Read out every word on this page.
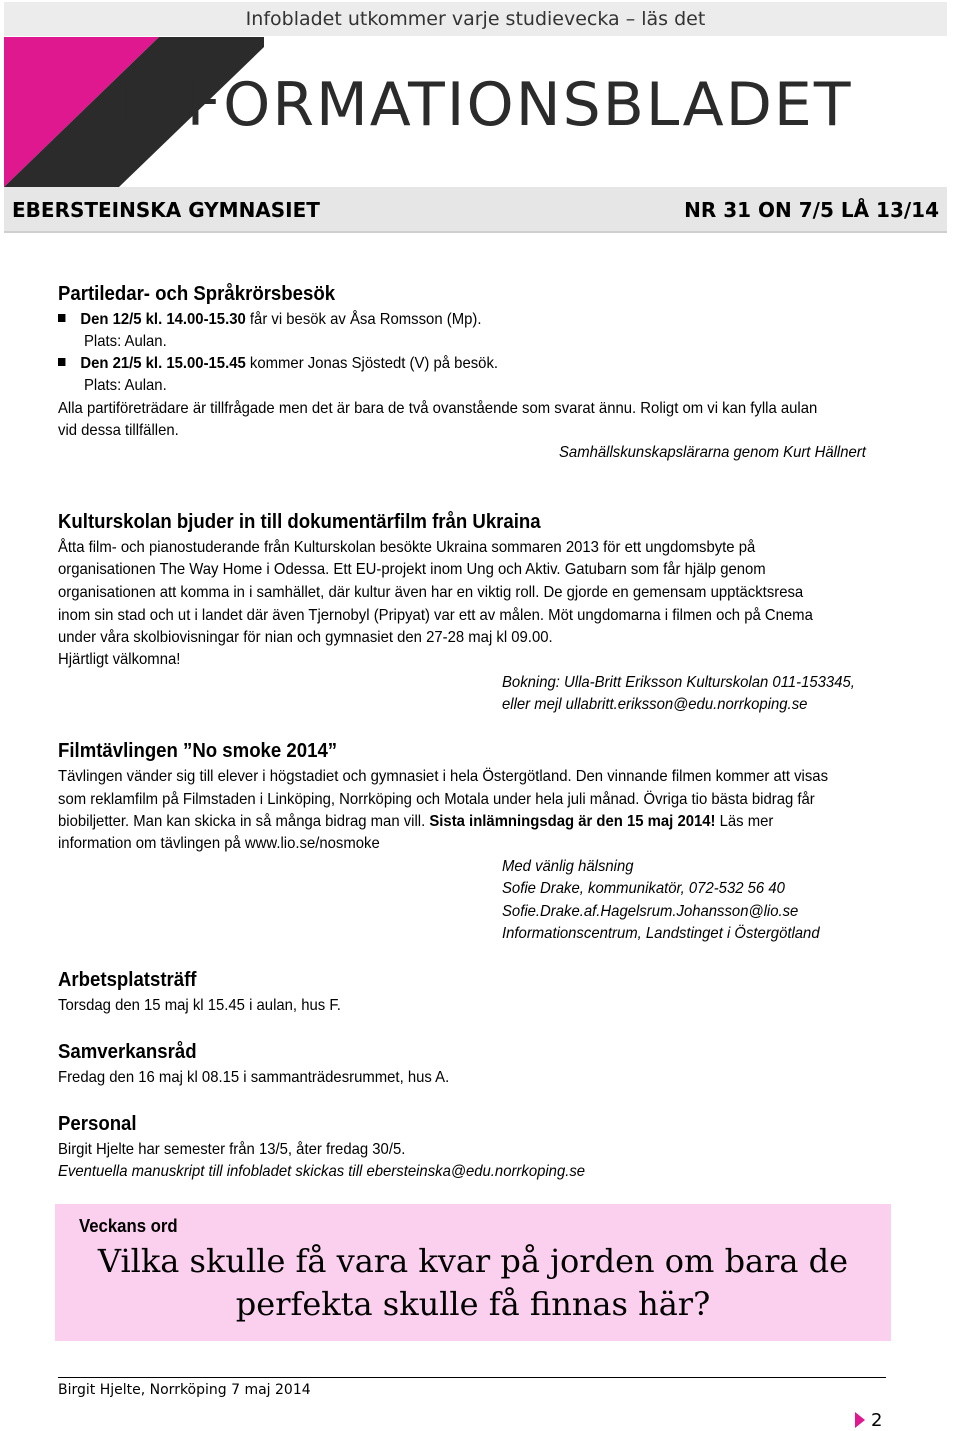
Infobladet utkommer varje studievecka – läs det
INFORMATIONSBLADET
EBERSTEINSKA GYMNASIET	NR 31 ON 7/5 LÅ 13/14
Partiledar- och Språkrörsbesök
Den 12/5 kl. 14.00-15.30 får vi besök av Åsa Romsson (Mp).
Plats: Aulan.
Den 21/5 kl. 15.00-15.45 kommer Jonas Sjöstedt (V) på besök.
Plats: Aulan.
Alla partiföreträdare är tillfrågade men det är bara de två ovanstående som svarat ännu. Roligt om vi kan fylla aulan
vid dessa tillfällen.
Samhällskunskapslärarna genom Kurt Hällnert
Kulturskolan bjuder in till dokumentärfilm från Ukraina
Åtta film- och pianostuderande från Kulturskolan besökte Ukraina sommaren 2013 för ett ungdomsbyte på
organisationen The Way Home i Odessa. Ett EU-projekt inom Ung och Aktiv. Gatubarn som får hjälp genom
organisationen att komma in i samhället, där kultur även har en viktig roll. De gjorde en gemensam upptäcktsresa
inom sin stad och ut i landet där även Tjernobyl (Pripyat) var ett av målen. Möt ungdomarna i filmen och på Cnema
under våra skolbiovisningar för nian och gymnasiet den 27-28 maj kl 09.00.
Hjärtligt välkomna!
Bokning: Ulla-Britt Eriksson Kulturskolan 011-153345,
eller mejl ullabritt.eriksson@edu.norrkoping.se
Filmtävlingen ”No smoke 2014”
Tävlingen vänder sig till elever i högstadiet och gymnasiet i hela Östergötland. Den vinnande filmen kommer att visas
som reklamfilm på Filmstaden i Linköping, Norrköping och Motala under hela juli månad. Övriga tio bästa bidrag får
biobiljetter. Man kan skicka in så många bidrag man vill. Sista inlämningsdag är den 15 maj 2014! Läs mer
information om tävlingen på www.lio.se/nosmoke
Med vänlig hälsning
Sofie Drake, kommunikatör, 072-532 56 40
Sofie.Drake.af.Hagelsrum.Johansson@lio.se
Informationscentrum, Landstinget i Östergötland
Arbetsplatsträff
Torsdag den 15 maj kl 15.45 i aulan, hus F.
Samverkansråd
Fredag den 16 maj kl 08.15 i sammanträdesrummet, hus A.
Personal
Birgit Hjelte har semester från 13/5, åter fredag 30/5.
Eventuella manuskript till infobladet skickas till ebersteinska@edu.norrkoping.se
Veckans ord
Vilka skulle få vara kvar på jorden om bara de
perfekta skulle få finnas här?
Birgit Hjelte, Norrköping 7 maj 2014
2
